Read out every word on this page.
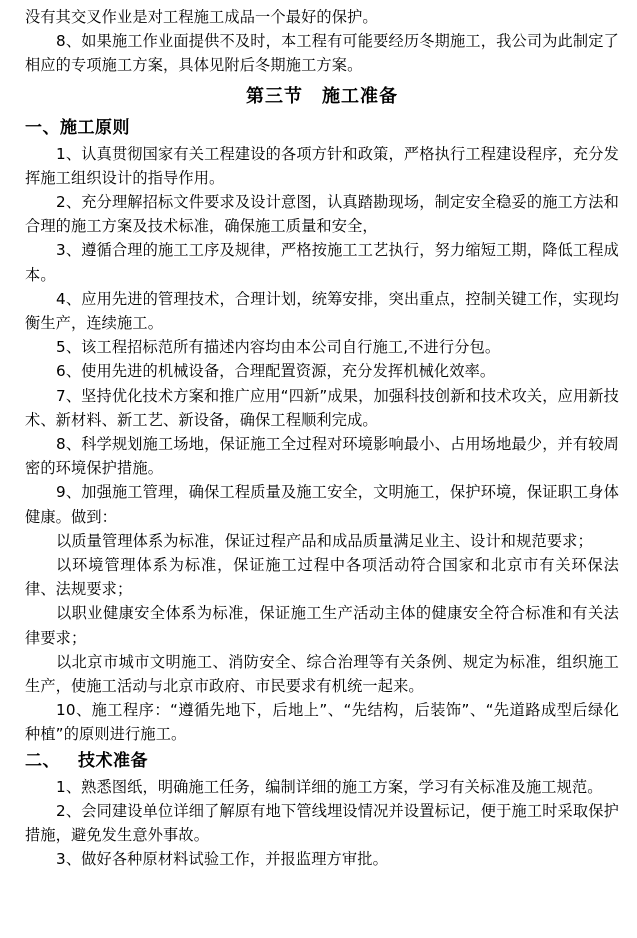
没有其交叉作业是对工程施工成品一个最好的保护。

8、如果施工作业面提供不及时，本工程有可能要经历冬期施工，我公司为此制定了相应的专项施工方案，具体见附后冬期施工方案。

第三节　施工准备
一、施工原则

1、认真贯彻国家有关工程建设的各项方针和政策，严格执行工程建设程序，充分发挥施工组织设计的指导作用。

2、充分理解招标文件要求及设计意图，认真踏勘现场，制定安全稳妥的施工方法和合理的施工方案及技术标准，确保施工质量和安全，

3、遵循合理的施工工序及规律，严格按施工工艺执行，努力缩短工期，降低工程成本。

4、应用先进的管理技术，合理计划，统筹安排，突出重点，控制关键工作，实现均衡生产，连续施工。

5、该工程招标范所有描述内容均由本公司自行施工,不进行分包。

6、使用先进的机械设备，合理配置资源，充分发挥机械化效率。

7、坚持优化技术方案和推广应用“四新”成果，加强科技创新和技术攻关，应用新技术、新材料、新工艺、新设备，确保工程顺利完成。

8、科学规划施工场地，保证施工全过程对环境影响最小、占用场地最少，并有较周密的环境保护措施。

9、加强施工管理，确保工程质量及施工安全，文明施工，保护环境，保证职工身体健康。做到：

以质量管理体系为标准，保证过程产品和成品质量满足业主、设计和规范要求；

以环境管理体系为标准，保证施工过程中各项活动符合国家和北京市有关环保法律、法规要求；

以职业健康安全体系为标准，保证施工生产活动主体的健康安全符合标准和有关法律要求；

以北京市城市文明施工、消防安全、综合治理等有关条例、规定为标准，组织施工生产，使施工活动与北京市政府、市民要求有机统一起来。

10、施工程序：“遵循先地下，后地上”、“先结构，后装饰”、“先道路成型后绿化种植”的原则进行施工。

二、 技术准备

1、熟悉图纸，明确施工任务，编制详细的施工方案，学习有关标准及施工规范。

2、会同建设单位详细了解原有地下管线埋设情况并设置标记，便于施工时采取保护措施，避免发生意外事故。

3、做好各种原材料试验工作，并报监理方审批。
